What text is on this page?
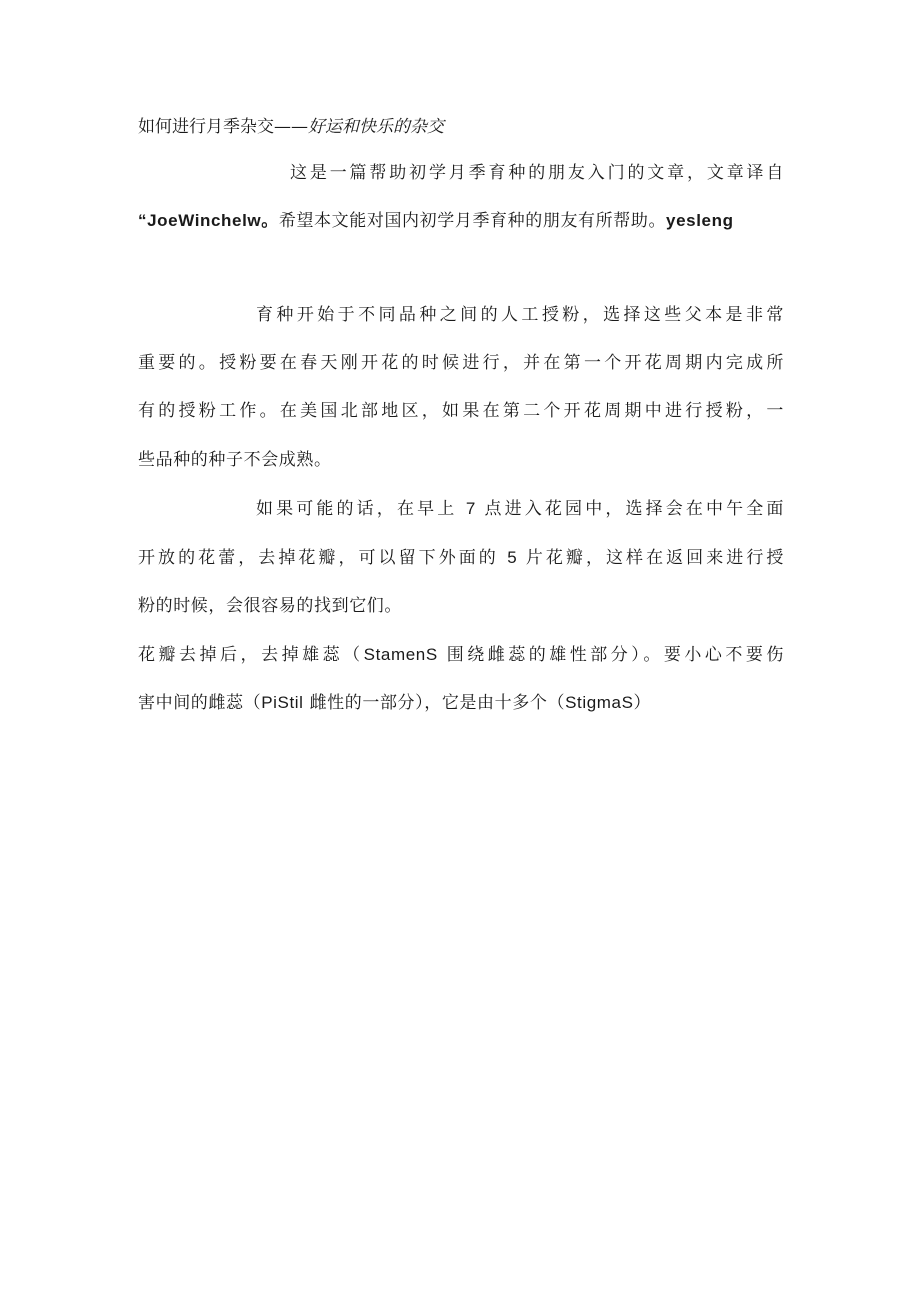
如何进行月季杂交——好运和快乐的杂交
这是一篇帮助初学月季育种的朋友入门的文章，文章译自
“JoeWinchelw。希望本文能对国内初学月季育种的朋友有所帮助。yesleng
育种开始于不同品种之间的人工授粉，选择这些父本是非常
重要的。授粉要在春天刚开花的时候进行，并在第一个开花周期内完成所
有的授粉工作。在美国北部地区，如果在第二个开花周期中进行授粉，一
些品种的种子不会成熟。
如果可能的话，在早上 7 点进入花园中，选择会在中午全面
开放的花蕾，去掉花瓣，可以留下外面的 5 片花瓣，这样在返回来进行授
粉的时候，会很容易的找到它们。
花瓣去掉后，去掉雄蕊（StamenS 围绕雌蕊的雄性部分）。要小心不要伤
害中间的雌蕊（PiStil 雌性的一部分），它是由十多个（StigmaS）
